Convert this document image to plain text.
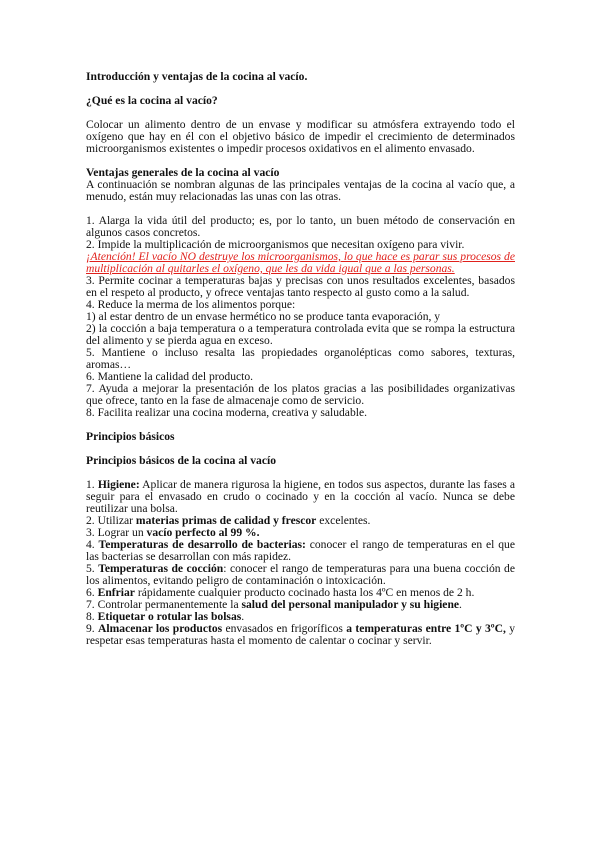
Introducción y ventajas de la cocina al vacío.
¿Qué es la cocina al vacío?
Colocar un alimento dentro de un envase y modificar su atmósfera extrayendo todo el oxígeno que hay en él con el objetivo básico de impedir el crecimiento de determinados microorganismos existentes o impedir procesos oxidativos en el alimento envasado.
Ventajas generales de la cocina al vacío
A continuación se nombran algunas de las principales ventajas de la cocina al vacío que, a menudo, están muy relacionadas las unas con las otras.
1. Alarga la vida útil del producto; es, por lo tanto, un buen método de conservación en algunos casos concretos.
2. Impide la multiplicación de microorganismos que necesitan oxígeno para vivir.
¡Atención! El vacío NO destruye los microorganismos, lo que hace es parar sus procesos de multiplicación al quitarles el oxígeno, que les da vida igual que a las personas.
3. Permite cocinar a temperaturas bajas y precisas con unos resultados excelentes, basados en el respeto al producto, y ofrece ventajas tanto respecto al gusto como a la salud.
4. Reduce la merma de los alimentos porque:
1) al estar dentro de un envase hermético no se produce tanta evaporación, y
2) la cocción a baja temperatura o a temperatura controlada evita que se rompa la estructura del alimento y se pierda agua en exceso.
5. Mantiene o incluso resalta las propiedades organolépticas como sabores, texturas, aromas…
6. Mantiene la calidad del producto.
7. Ayuda a mejorar la presentación de los platos gracias a las posibilidades organizativas que ofrece, tanto en la fase de almacenaje como de servicio.
8. Facilita realizar una cocina moderna, creativa y saludable.
Principios básicos
Principios básicos de la cocina al vacío
1. Higiene: Aplicar de manera rigurosa la higiene, en todos sus aspectos, durante las fases a seguir para el envasado en crudo o cocinado y en la cocción al vacío. Nunca se debe reutilizar una bolsa.
2. Utilizar materias primas de calidad y frescor excelentes.
3. Lograr un vacío perfecto al 99 %.
4. Temperaturas de desarrollo de bacterias: conocer el rango de temperaturas en el que las bacterias se desarrollan con más rapidez.
5. Temperaturas de cocción: conocer el rango de temperaturas para una buena cocción de los alimentos, evitando peligro de contaminación o intoxicación.
6. Enfriar rápidamente cualquier producto cocinado hasta los 4ºC en menos de 2 h.
7. Controlar permanentemente la salud del personal manipulador y su higiene.
8. Etiquetar o rotular las bolsas.
9. Almacenar los productos envasados en frigoríficos a temperaturas entre 1ºC y 3ºC, y respetar esas temperaturas hasta el momento de calentar o cocinar y servir.
